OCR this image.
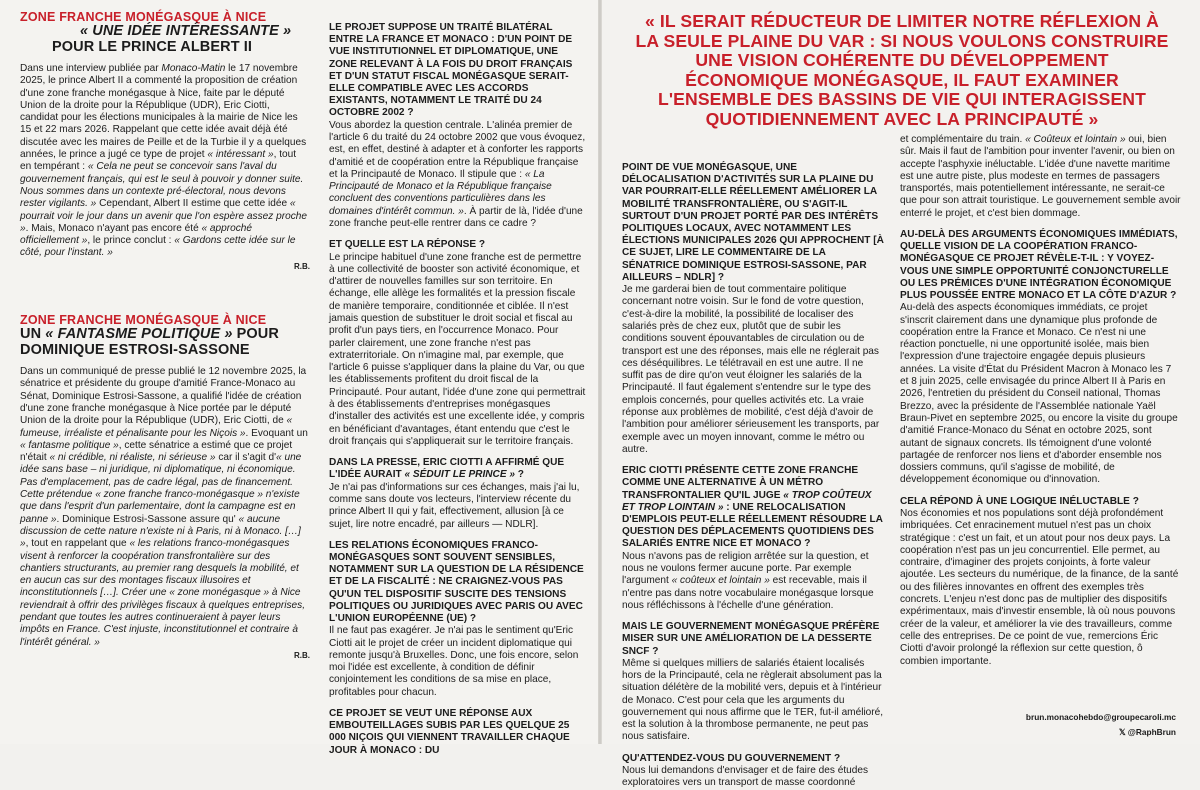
ZONE FRANCHE MONÉGASQUE À NICE
« UNE IDÉE INTÉRESSANTE »
POUR LE PRINCE ALBERT II

Dans une interview publiée par Monaco-Matin le 17 novembre 2025, le prince Albert II a commenté la proposition de création d'une zone franche monégasque à Nice, faite par le député Union de la droite pour la République (UDR), Eric Ciotti, candidat pour les élections municipales à la mairie de Nice les 15 et 22 mars 2026. Rappelant que cette idée avait déjà été discutée avec les maires de Peille et de la Turbie il y a quelques années, le prince a jugé ce type de projet « intéressant », tout en tempérant : « Cela ne peut se concevoir sans l'aval du gouvernement français, qui est le seul à pouvoir y donner suite. Nous sommes dans un contexte pré-électoral, nous devons rester vigilants. » Cependant, Albert II estime que cette idée « pourrait voir le jour dans un avenir que l'on espère assez proche ». Mais, Monaco n'ayant pas encore été « approché officiellement », le prince conclut : « Gardons cette idée sur le côté, pour l'instant. »

R.B.
ZONE FRANCHE MONÉGASQUE À NICE
UN « FANTASME POLITIQUE » POUR
DOMINIQUE ESTROSI-SASSONE

Dans un communiqué de presse publié le 12 novembre 2025, la sénatrice et présidente du groupe d'amitié France-Monaco au Sénat, Dominique Estrosi-Sassone, a qualifié l'idée de création d'une zone franche monégasque à Nice portée par le député Union de la droite pour la République (UDR), Eric Ciotti, de « fumeuse, irréaliste et pénalisante pour les Niçois ». Evoquant un « fantasme politique », cette sénatrice a estimé que ce projet n'était « ni crédible, ni réaliste, ni sérieuse » car il s'agit d'« une idée sans base – ni juridique, ni diplomatique, ni économique. Pas d'emplacement, pas de cadre légal, pas de financement. Cette prétendue « zone franche franco-monégasque » n'existe que dans l'esprit d'un parlementaire, dont la campagne est en panne ». Dominique Estrosi-Sassone assure qu' « aucune discussion de cette nature n'existe ni à Paris, ni à Monaco. […] », tout en rappelant que « les relations franco-monégasques visent à renforcer la coopération transfrontalière sur des chantiers structurants, au premier rang desquels la mobilité, et en aucun cas sur des montages fiscaux illusoires et inconstitutionnels […]. Créer une « zone monégasque » à Nice reviendrait à offrir des privilèges fiscaux à quelques entreprises, pendant que toutes les autres continueraient à payer leurs impôts en France. C'est injuste, inconstitutionnel et contraire à l'intérêt général. »

R.B.

LE PROJET SUPPOSE UN TRAITÉ BILATÉRAL ENTRE LA FRANCE ET MONACO : D'UN POINT DE VUE INSTITUTIONNEL ET DIPLOMATIQUE, UNE ZONE RELEVANT À LA FOIS DU DROIT FRANÇAIS ET D'UN STATUT FISCAL MONÉGASQUE SERAIT-ELLE COMPATIBLE AVEC LES ACCORDS EXISTANTS, NOTAMMENT LE TRAITÉ DU 24 OCTOBRE 2002 ?

Vous abordez la question centrale. L'alinéa premier de l'article 6 du traité du 24 octobre 2002 que vous évoquez, est, en effet, destiné à adapter et à conforter les rapports d'amitié et de coopération entre la République française et la Principauté de Monaco. Il stipule que : « La Principauté de Monaco et la République française concluent des conventions particulières dans les domaines d'intérêt commun. ». À partir de là, l'idée d'une zone franche peut-elle rentrer dans ce cadre ?

ET QUELLE EST LA RÉPONSE ?

Le principe habituel d'une zone franche est de permettre à une collectivité de booster son activité économique, et d'attirer de nouvelles familles sur son territoire. En échange, elle allège les formalités et la pression fiscale de manière temporaire, conditionnée et ciblée. Il n'est jamais question de substituer le droit social et fiscal au profit d'un pays tiers, en l'occurrence Monaco. Pour parler clairement, une zone franche n'est pas extraterritoriale. On n'imagine mal, par exemple, que l'article 6 puisse s'appliquer dans la plaine du Var, ou que les établissements profitent du droit fiscal de la Principauté. Pour autant, l'idée d'une zone qui permettrait à des établissements d'entreprises monégasques d'installer des activités est une excellente idée, y compris en bénéficiant d'avantages, étant entendu que c'est le droit français qui s'appliquerait sur le territoire français.

DANS LA PRESSE, ERIC CIOTTI A AFFIRMÉ QUE L'IDÉE AURAIT « SÉDUIT LE PRINCE » ?

Je n'ai pas d'informations sur ces échanges, mais j'ai lu, comme sans doute vos lecteurs, l'interview récente du prince Albert II qui y fait, effectivement, allusion [à ce sujet, lire notre encadré, par ailleurs — NDLR].

LES RELATIONS ÉCONOMIQUES FRANCO-MONÉGASQUES SONT SOUVENT SENSIBLES, NOTAMMENT SUR LA QUESTION DE LA RÉSIDENCE ET DE LA FISCALITÉ : NE CRAIGNEZ-VOUS PAS QU'UN TEL DISPOSITIF SUSCITE DES TENSIONS POLITIQUES OU JURIDIQUES AVEC PARIS OU AVEC L'UNION EUROPÉENNE (UE) ?

Il ne faut pas exagérer. Je n'ai pas le sentiment qu'Eric Ciotti ait le projet de créer un incident diplomatique qui remonte jusqu'à Bruxelles. Donc, une fois encore, selon moi l'idée est excellente, à condition de définir conjointement les conditions de sa mise en place, profitables pour chacun.

CE PROJET SE VEUT UNE RÉPONSE AUX EMBOUTEILLAGES SUBIS PAR LES QUELQUE 25 000 NIÇOIS QUI VIENNENT TRAVAILLER CHAQUE JOUR À MONACO : DU

« IL SERAIT RÉDUCTEUR DE LIMITER NOTRE RÉFLEXION À LA SEULE PLAINE DU VAR : SI NOUS VOULONS CONSTRUIRE UNE VISION COHÉRENTE DU DÉVELOPPEMENT ÉCONOMIQUE MONÉGASQUE, IL FAUT EXAMINER L'ENSEMBLE DES BASSINS DE VIE QUI INTERAGISSENT QUOTIDIENNEMENT AVEC LA PRINCIPAUTÉ »

POINT DE VUE MONÉGASQUE, UNE DÉLOCALISATION D'ACTIVITÉS SUR LA PLAINE DU VAR POURRAIT-ELLE RÉELLEMENT AMÉLIORER LA MOBILITÉ TRANSFRONTALIÈRE, OU S'AGIT-IL SURTOUT D'UN PROJET PORTÉ PAR DES INTÉRÊTS POLITIQUES LOCAUX, AVEC NOTAMMENT LES ÉLECTIONS MUNICIPALES 2026 QUI APPROCHENT [À CE SUJET, LIRE LE COMMENTAIRE DE LA SÉNATRICE DOMINIQUE ESTROSI-SASSONE, PAR AILLEURS – NDLR] ?

Je me garderai bien de tout commentaire politique concernant notre voisin. Sur le fond de votre question, c'est-à-dire la mobilité, la possibilité de localiser des salariés près de chez eux, plutôt que de subir les conditions souvent épouvantables de circulation ou de transport est une des réponses, mais elle ne réglerait pas ces déséquilibres. Le télétravail en est une autre. Il ne suffit pas de dire qu'on veut éloigner les salariés de la Principauté. Il faut également s'entendre sur le type des emplois concernés, pour quelles activités etc. La vraie réponse aux problèmes de mobilité, c'est déjà d'avoir de l'ambition pour améliorer sérieusement les transports, par exemple avec un moyen innovant, comme le métro ou autre.

ERIC CIOTTI PRÉSENTE CETTE ZONE FRANCHE COMME UNE ALTERNATIVE À UN MÉTRO TRANSFRONTALIER QU'IL JUGE « TROP COÛTEUX ET TROP LOINTAIN » : UNE RELOCALISATION D'EMPLOIS PEUT-ELLE RÉELLEMENT RÉSOUDRE LA QUESTION DES DÉPLACEMENTS QUOTIDIENS DES SALARIÉS ENTRE NICE ET MONACO ?

Nous n'avons pas de religion arrêtée sur la question, et nous ne voulons fermer aucune porte. Par exemple l'argument « coûteux et lointain » est recevable, mais il n'entre pas dans notre vocabulaire monégasque lorsque nous réfléchissons à l'échelle d'une génération.

MAIS LE GOUVERNEMENT MONÉGASQUE PRÉFÈRE MISER SUR UNE AMÉLIORATION DE LA DESSERTE SNCF ?

Même si quelques milliers de salariés étaient localisés hors de la Principauté, cela ne règlerait absolument pas la situation délétère de la mobilité vers, depuis et à l'intérieur de Monaco. C'est pour cela que les arguments du gouvernement qui nous affirme que le TER, fut-il amélioré, est la solution à la thrombose permanente, ne peut pas nous satisfaire.

QU'ATTENDEZ-VOUS DU GOUVERNEMENT ?

Nous lui demandons d'envisager et de faire des études exploratoires vers un transport de masse coordonné

et complémentaire du train. « Coûteux et lointain » oui, bien sûr. Mais il faut de l'ambition pour inventer l'avenir, ou bien on accepte l'asphyxie inéluctable. L'idée d'une navette maritime est une autre piste, plus modeste en termes de passagers transportés, mais potentiellement intéressante, ne serait-ce que pour son attrait touristique. Le gouvernement semble avoir enterré le projet, et c'est bien dommage.

AU-DELÀ DES ARGUMENTS ÉCONOMIQUES IMMÉDIATS, QUELLE VISION DE LA COOPÉRATION FRANCO-MONÉGASQUE CE PROJET RÉVÈLE-T-IL : Y VOYEZ-VOUS UNE SIMPLE OPPORTUNITÉ CONJONCTURELLE OU LES PRÉMICES D'UNE INTÉGRATION ÉCONOMIQUE PLUS POUSSÉE ENTRE MONACO ET LA CÔTE D'AZUR ?

Au-delà des aspects économiques immédiats, ce projet s'inscrit clairement dans une dynamique plus profonde de coopération entre la France et Monaco. Ce n'est ni une réaction ponctuelle, ni une opportunité isolée, mais bien l'expression d'une trajectoire engagée depuis plusieurs années. La visite d'État du Président Macron à Monaco les 7 et 8 juin 2025, celle envisagée du prince Albert II à Paris en 2026, l'entretien du président du Conseil national, Thomas Brezzo, avec la présidente de l'Assemblée nationale Yaël Braun-Pivet en septembre 2025, ou encore la visite du groupe d'amitié France-Monaco du Sénat en octobre 2025, sont autant de signaux concrets. Ils témoignent d'une volonté partagée de renforcer nos liens et d'aborder ensemble nos dossiers communs, qu'il s'agisse de mobilité, de développement économique ou d'innovation.

CELA RÉPOND À UNE LOGIQUE INÉLUCTABLE ?

Nos économies et nos populations sont déjà profondément imbriquées. Cet enracinement mutuel n'est pas un choix stratégique : c'est un fait, et un atout pour nos deux pays. La coopération n'est pas un jeu concurrentiel. Elle permet, au contraire, d'imaginer des projets conjoints, à forte valeur ajoutée. Les secteurs du numérique, de la finance, de la santé ou des filières innovantes en offrent des exemples très concrets. L'enjeu n'est donc pas de multiplier des dispositifs expérimentaux, mais d'investir ensemble, là où nous pouvons créer de la valeur, et améliorer la vie des travailleurs, comme celle des entreprises. De ce point de vue, remercions Éric Ciotti d'avoir prolongé la réflexion sur cette question, ô combien importante.

brun.monacohebdo@groupecaroli.mc
𝕏 @RaphBrun
